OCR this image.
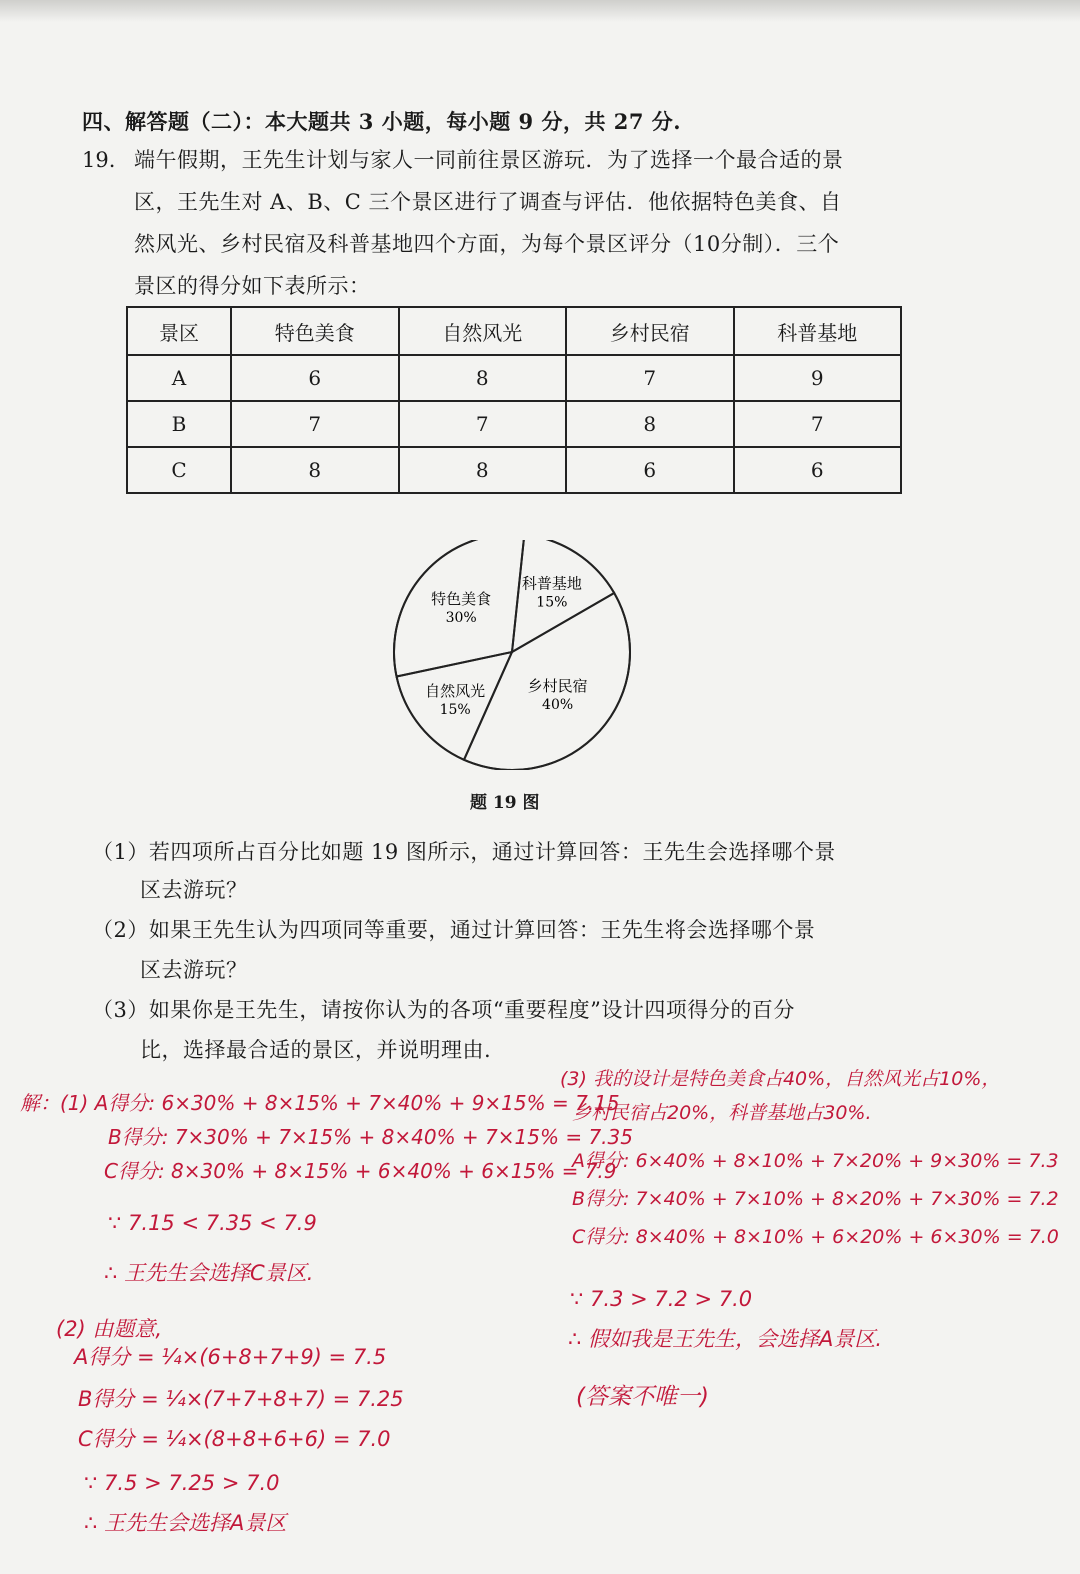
四、解答题（二）：本大题共 3 小题，每小题 9 分，共 27 分.
19. 端午假期，王先生计划与家人一同前往景区游玩．为了选择一个最合适的景
区，王先生对 A、B、C 三个景区进行了调查与评估．他依据特色美食、自
然风光、乡村民宿及科普基地四个方面，为每个景区评分（10分制）．三个
景区的得分如下表所示：
景区	特色美食	自然风光	乡村民宿	科普基地
A	6	8	7	9
B	7	7	8	7
C	8	8	6	6
特色美食
30%
科普基地
15%
乡村民宿
40%
自然风光
15%
题 19 图
（1）若四项所占百分比如题 19 图所示，通过计算回答：王先生会选择哪个景
区去游玩？
（2）如果王先生认为四项同等重要，通过计算回答：王先生将会选择哪个景
区去游玩？
（3）如果你是王先生，请按你认为的各项“重要程度”设计四项得分的百分
比，选择最合适的景区，并说明理由.
解：(1) A得分: 6×30% + 8×15% + 7×40% + 9×15% = 7.15
B得分: 7×30% + 7×15% + 8×40% + 7×15% = 7.35
C得分: 8×30% + 8×15% + 6×40% + 6×15% = 7.9
∵ 7.15 < 7.35 < 7.9
∴ 王先生会选择C景区.
(2) 由题意,
A得分 = ¼×(6+8+7+9) = 7.5
B得分 = ¼×(7+7+8+7) = 7.25
C得分 = ¼×(8+8+6+6) = 7.0
∵ 7.5 > 7.25 > 7.0
∴ 王先生会选择A景区
(3) 我的设计是特色美食占40%，自然风光占10%，
乡村民宿占20%，科普基地占30%.
A得分: 6×40% + 8×10% + 7×20% + 9×30% = 7.3
B得分: 7×40% + 7×10% + 8×20% + 7×30% = 7.2
C得分: 8×40% + 8×10% + 6×20% + 6×30% = 7.0
∵ 7.3 > 7.2 > 7.0
∴ 假如我是王先生，会选择A景区.
(答案不唯一)
